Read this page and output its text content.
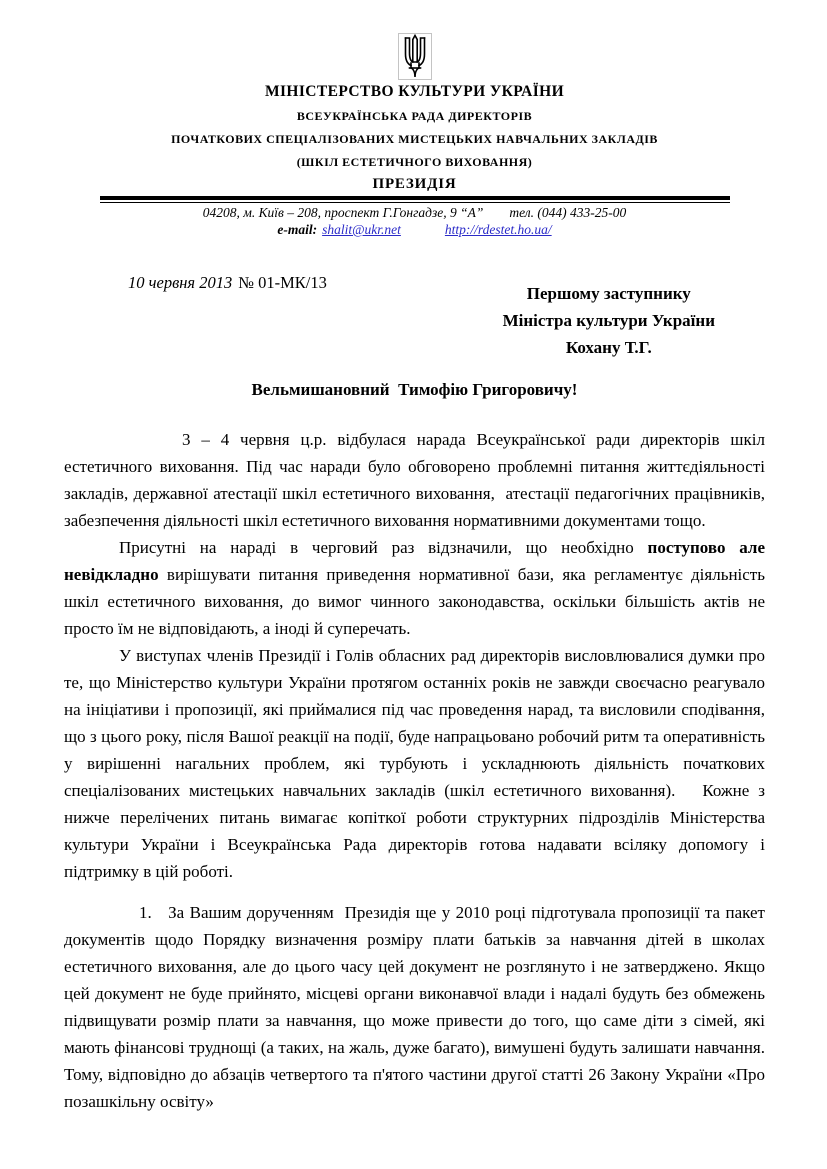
МІНІСТЕРСТВО КУЛЬТУРИ УКРАЇНИ
ВСЕУКРАЇНСЬКА РАДА ДИРЕКТОРІВ
ПОЧАТКОВИХ СПЕЦІАЛІЗОВАНИХ МИСТЕЦЬКИХ НАВЧАЛЬНИХ ЗАКЛАДІВ
(ШКІЛ ЕСТЕТИЧНОГО ВИХОВАННЯ)
ПРЕЗИДІЯ
04208, м. Київ – 208, проспект Г.Гонгадзе, 9 “А” тел. (044) 433-25-00
e-mail: shalit@ukr.net	http://rdestet.ho.ua/
10 червня 2013 № 01-МК/13
Першому заступнику
Міністра культури України
Кохану Т.Г.
Вельмишановний  Тимофію Григоровичу!

3 – 4 червня ц.р. відбулася нарада Всеукраїнської ради директорів шкіл естетичного виховання. Під час наради було обговорено проблемні питання життєдіяльності закладів, державної атестації шкіл естетичного виховання,  атестації педагогічних працівників, забезпечення діяльності шкіл естетичного виховання нормативними документами тощо.

Присутні на нараді в черговий раз відзначили, що необхідно поступово але невідкладно вирішувати питання приведення нормативної бази, яка регламентує діяльність шкіл естетичного виховання, до вимог чинного законодавства, оскільки більшість актів не просто їм не відповідають, а іноді й суперечать.

У виступах членів Президії і Голів обласних рад директорів висловлювалися думки про те, що Міністерство культури України протягом останніх років не завжди своєчасно реагувало на ініціативи і пропозиції, які приймалися під час проведення нарад, та висловили сподівання, що з цього року, після Вашої реакції на події, буде напрацьовано робочий ритм та оперативність у вирішенні нагальних проблем, які турбують і ускладнюють діяльність початкових спеціалізованих мистецьких навчальних закладів (шкіл естетичного виховання).   Кожне з нижче перелічених питань вимагає копіткої роботи структурних підрозділів Міністерства культури України і Всеукраїнська Рада директорів готова надавати всіляку допомогу і підтримку в цій роботі.

1.   За Вашим дорученням  Президія ще у 2010 році підготувала пропозиції та пакет документів щодо Порядку визначення розміру плати батьків за навчання дітей в школах естетичного виховання, але до цього часу цей документ не розглянуто і не затверджено. Якщо цей документ не буде прийнято, місцеві органи виконавчої влади і надалі будуть без обмежень підвищувати розмір плати за навчання, що може привести до того, що саме діти з сімей, які мають фінансові труднощі (а таких, на жаль, дуже багато), вимушені будуть залишати навчання. Тому, відповідно до абзаців четвертого та п'ятого частини другої статті 26 Закону України «Про позашкільну освіту»
